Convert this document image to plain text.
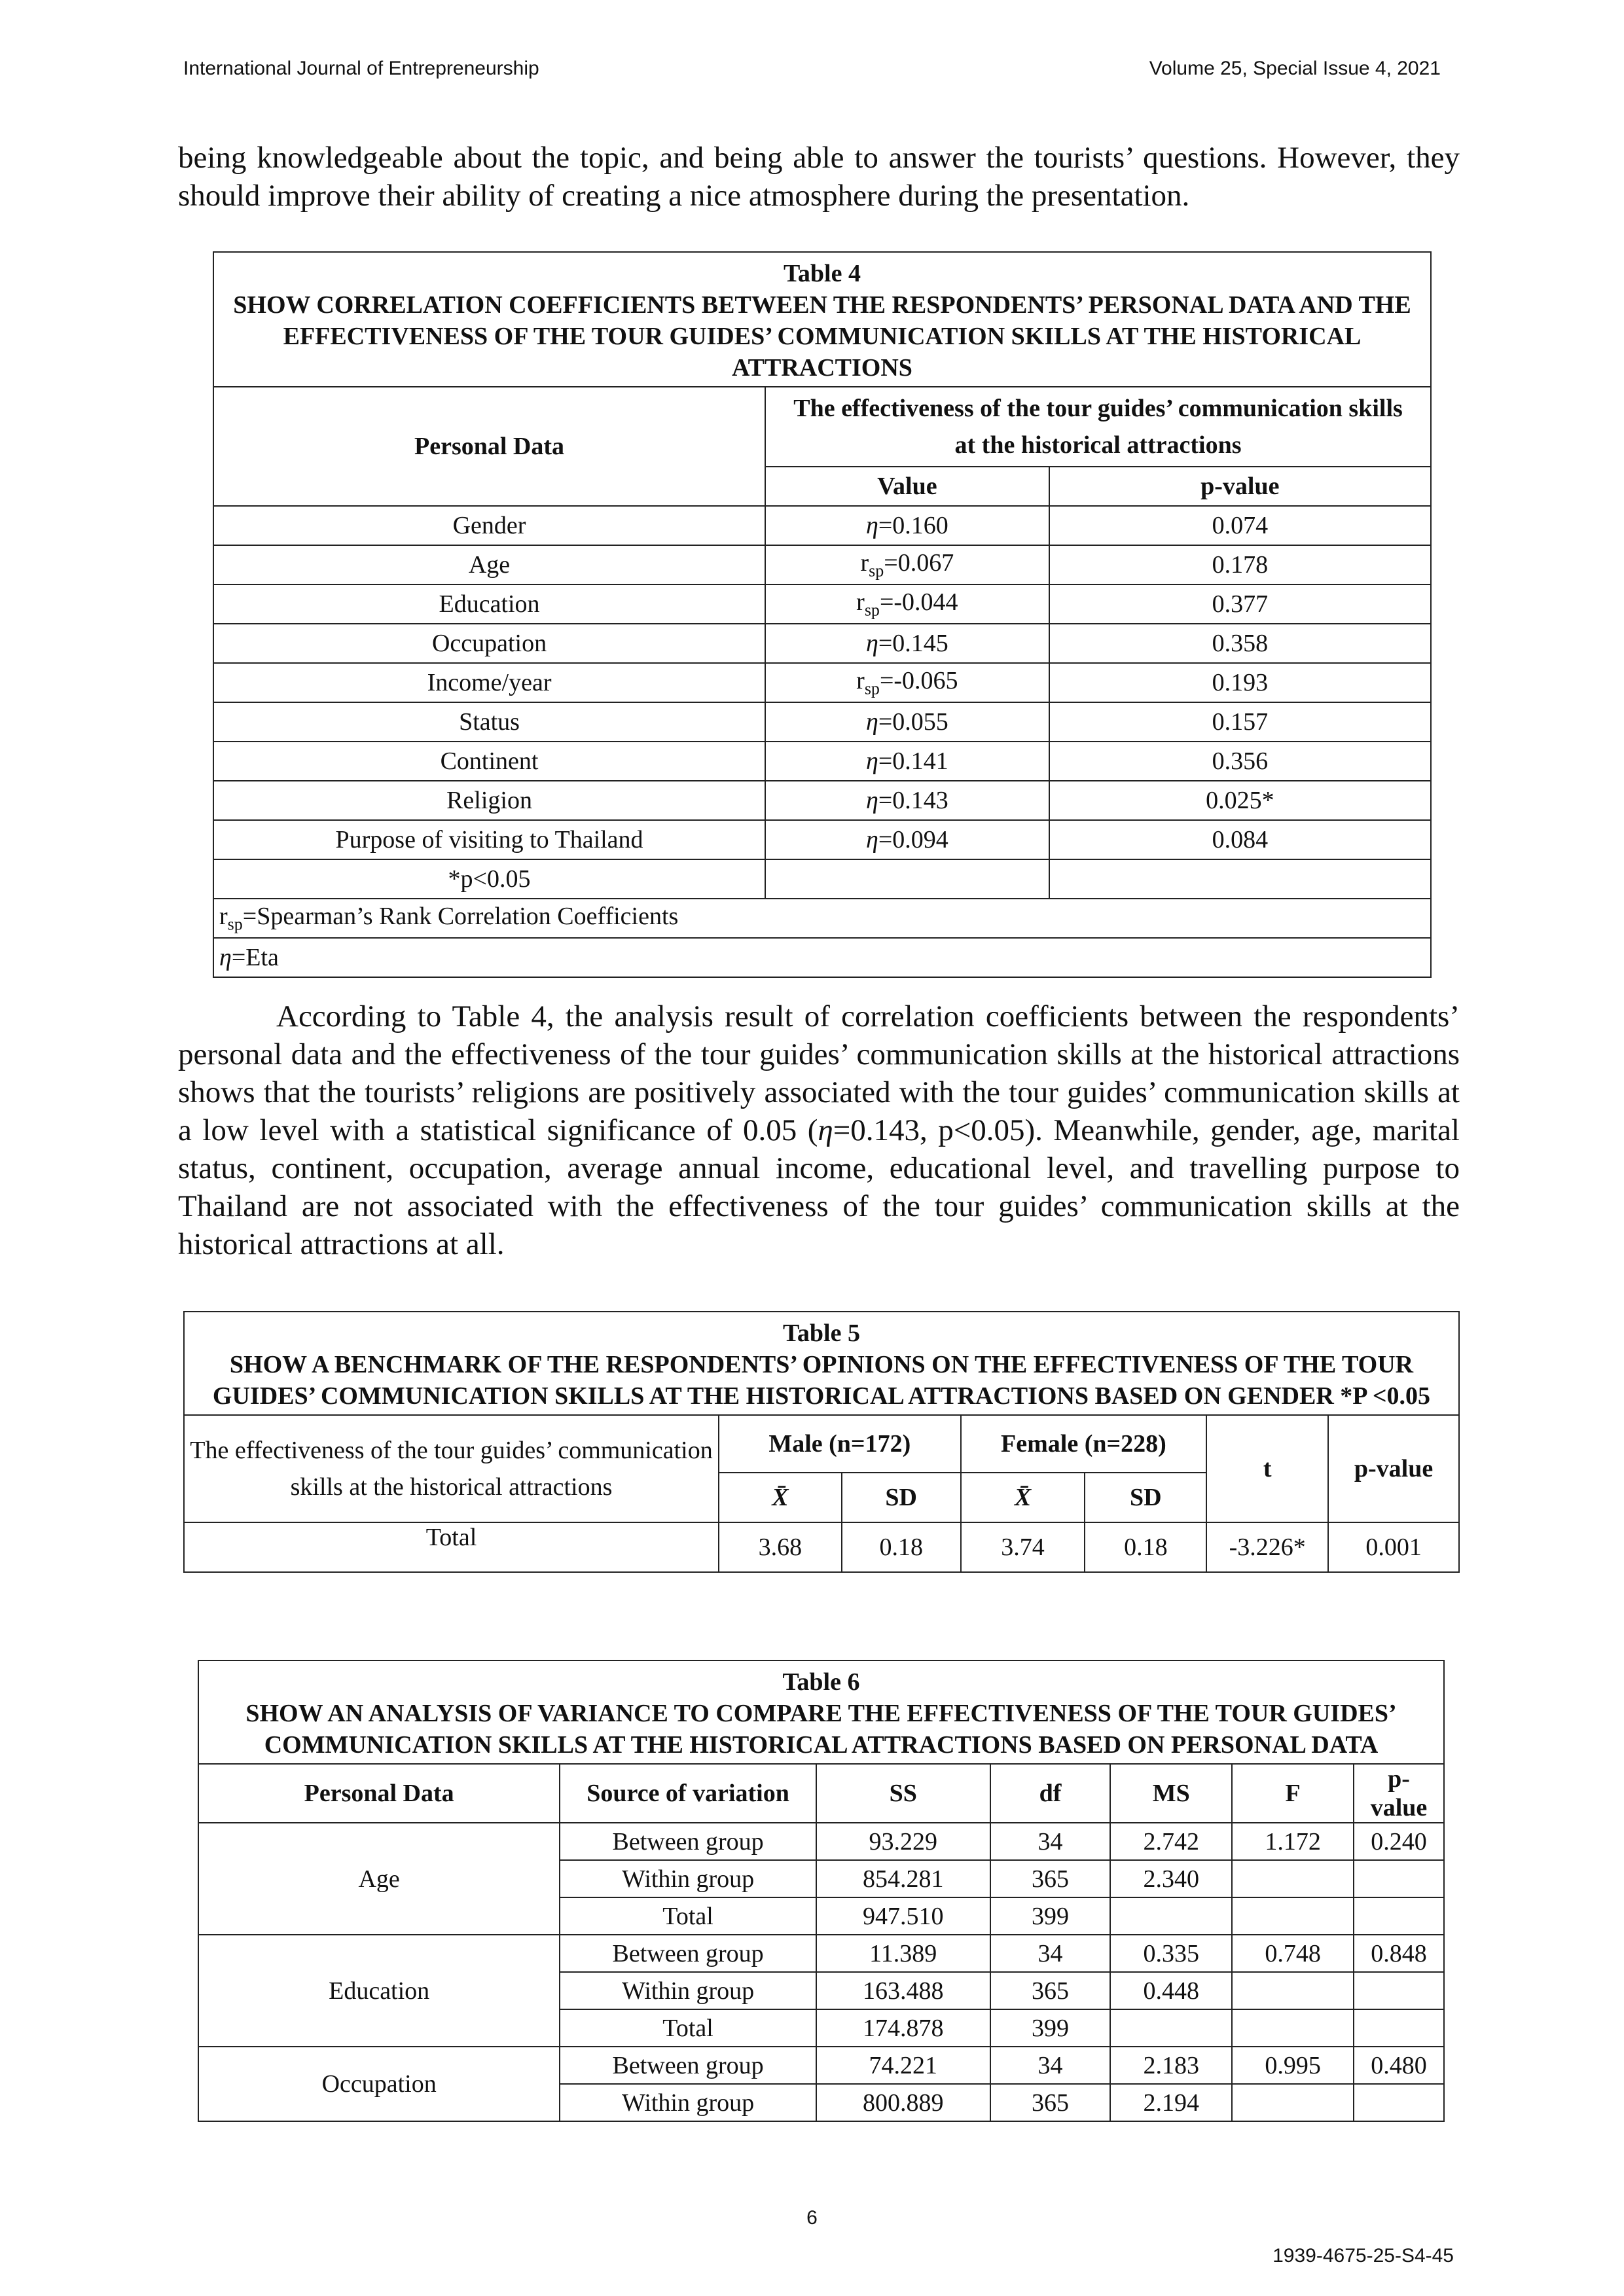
International Journal of Entrepreneurship	Volume 25, Special Issue 4, 2021

being knowledgeable about the topic, and being able to answer the tourists’ questions. However, they should improve their ability of creating a nice atmosphere during the presentation.

Table 4
SHOW CORRELATION COEFFICIENTS BETWEEN THE RESPONDENTS’ PERSONAL DATA AND THE EFFECTIVENESS OF THE TOUR GUIDES’ COMMUNICATION SKILLS AT THE HISTORICAL ATTRACTIONS		

Personal Data	The effectiveness of the tour guides’ communication skills at the historical attractions	
	Value	p-value
Gender	η=0.160	0.074
Age	$r_{sp}=0.067$	0.178
Education	$r_{sp}=-0.044$	0.377
Occupation	η=0.145	0.358
Income/year	$r_{sp}=-0.065$	0.193
Status	η=0.055	0.157
Continent	η=0.141	0.356
Religion	η=0.143	0.025*
Purpose of visiting to Thailand	η=0.094	0.084
*p<0.05		
$r_{sp}=Spearman’s$ Rank Correlation Coefficients		
η=Eta		

According to Table 4, the analysis result of correlation coefficients between the respondents’ personal data and the effectiveness of the tour guides’ communication skills at the historical attractions shows that the tourists’ religions are positively associated with the tour guides’ communication skills at a low level with a statistical significance of 0.05 (η=0.143, p<0.05). Meanwhile, gender, age, marital status, continent, occupation, average annual income, educational level, and travelling purpose to Thailand are not associated with the effectiveness of the tour guides’ communication skills at the historical attractions at all.

Table 5
SHOW A BENCHMARK OF THE RESPONDENTS’ OPINIONS ON THE EFFECTIVENESS OF THE TOUR GUIDES’ COMMUNICATION SKILLS AT THE HISTORICAL ATTRACTIONS BASED ON GENDER *P <0.05						

The effectiveness of the tour guides’ communication skills at the historical attractions	Male (n=172)		Female (n=228)		t	p-value
	X̄	SD	X̄	SD		
Total	3.68	0.18	3.74	0.18	-3.226*	0.001
Table 6
SHOW AN ANALYSIS OF VARIANCE TO COMPARE THE EFFECTIVENESS OF THE TOUR GUIDES’ COMMUNICATION SKILLS AT THE HISTORICAL ATTRACTIONS BASED ON PERSONAL DATA						

Personal Data	Source of variation	SS	df	MS	F	p-value
Age	Between group	93.229	34	2.742	1.172	0.240
	Within group	854.281	365	2.340		
	Total	947.510	399			
Education	Between group	11.389	34	0.335	0.748	0.848
	Within group	163.488	365	0.448		
	Total	174.878	399			
Occupation	Between group	74.221	34	2.183	0.995	0.480
	Within group	800.889	365	2.194		
6
1939-4675-25-S4-45
